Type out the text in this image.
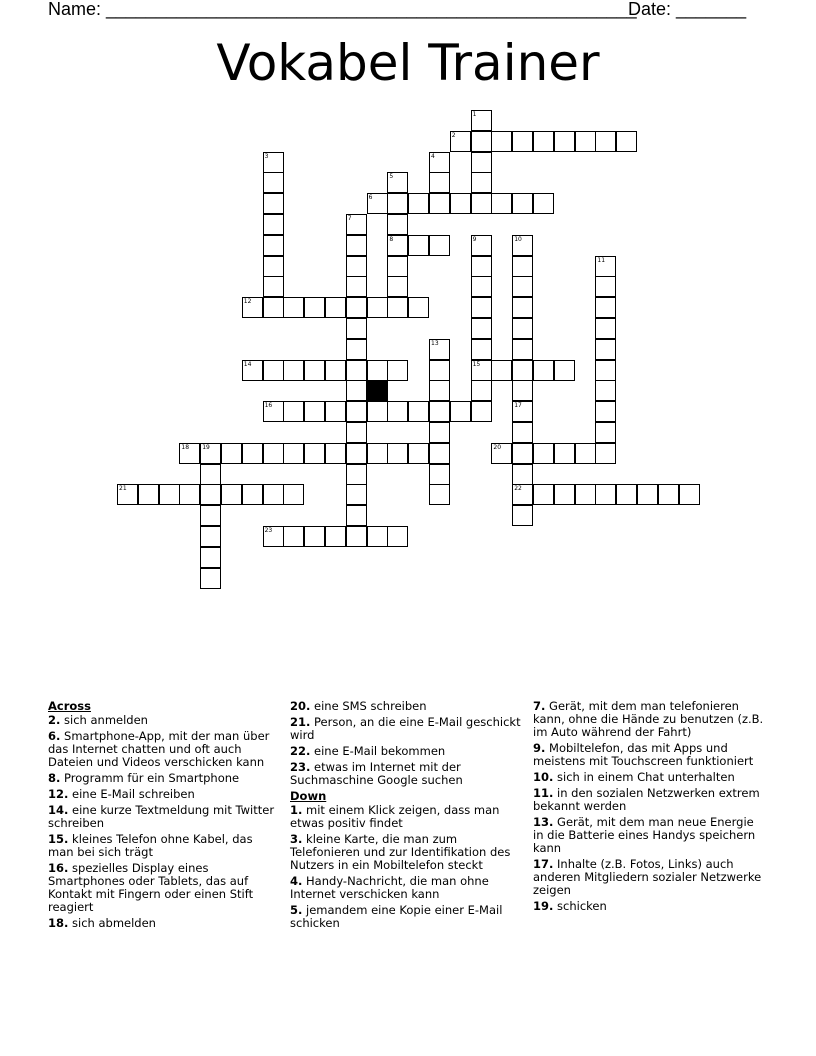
Name: _____________________________________________________
Date: _______
Vokabel Trainer
1
2
3	4
5
8
6
7
9
15
10
17
11
12
13
14
16
22
18 19	20
21
23
Across
2. sich anmelden
6. Smartphone-App, mit der man über das Internet chatten und oft auch Dateien und Videos verschicken kann
8. Programm für ein Smartphone
12. eine E-Mail schreiben
14. eine kurze Textmeldung mit Twitter schreiben
15. kleines Telefon ohne Kabel, das man bei sich trägt
16. spezielles Display eines Smartphones oder Tablets, das auf Kontakt mit Fingern oder einen Stift reagiert
18. sich abmelden
20. eine SMS schreiben
21. Person, an die eine E-Mail geschickt wird
22. eine E-Mail bekommen
23. etwas im Internet mit der Suchmaschine Google suchen
Down
1. mit einem Klick zeigen, dass man etwas positiv findet
3. kleine Karte, die man zum Telefonieren und zur Identifikation des Nutzers in ein Mobiltelefon steckt
4. Handy-Nachricht, die man ohne Internet verschicken kann
5. jemandem eine Kopie einer E-Mail schicken
7. Gerät, mit dem man telefonieren kann, ohne die Hände zu benutzen (z.B. im Auto während der Fahrt)
9. Mobiltelefon, das mit Apps und meistens mit Touchscreen funktioniert
10. sich in einem Chat unterhalten
11. in den sozialen Netzwerken extrem bekannt werden
13. Gerät, mit dem man neue Energie in die Batterie eines Handys speichern kann
17. Inhalte (z.B. Fotos, Links) auch anderen Mitgliedern sozialer Netzwerke zeigen
19. schicken
